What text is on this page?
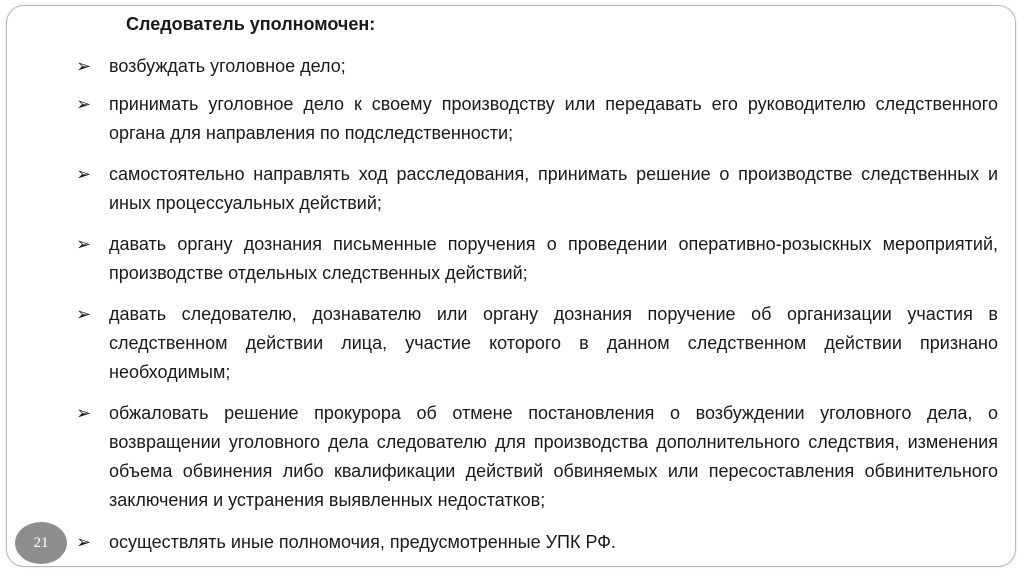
Следователь уполномочен:
➢ возбуждать уголовное дело;
➢ принимать уголовное дело к своему производству или передавать его руководителю следственного органа для направления по подследственности;
➢ самостоятельно направлять ход расследования, принимать решение о производстве следственных и иных процессуальных действий;
➢ давать органу дознания письменные поручения о проведении оперативно-розыскных мероприятий, производстве отдельных следственных действий;
➢ давать следователю, дознавателю или органу дознания поручение об организации участия в следственном действии лица, участие которого в данном следственном действии признано необходимым;
➢ обжаловать решение прокурора об отмене постановления о возбуждении уголовного дела, о возвращении уголовного дела следователю для производства дополнительного следствия, изменения объема обвинения либо квалификации действий обвиняемых или пересоставления обвинительного заключения и устранения выявленных недостатков;
➢ осуществлять иные полномочия, предусмотренные УПК РФ.
21
